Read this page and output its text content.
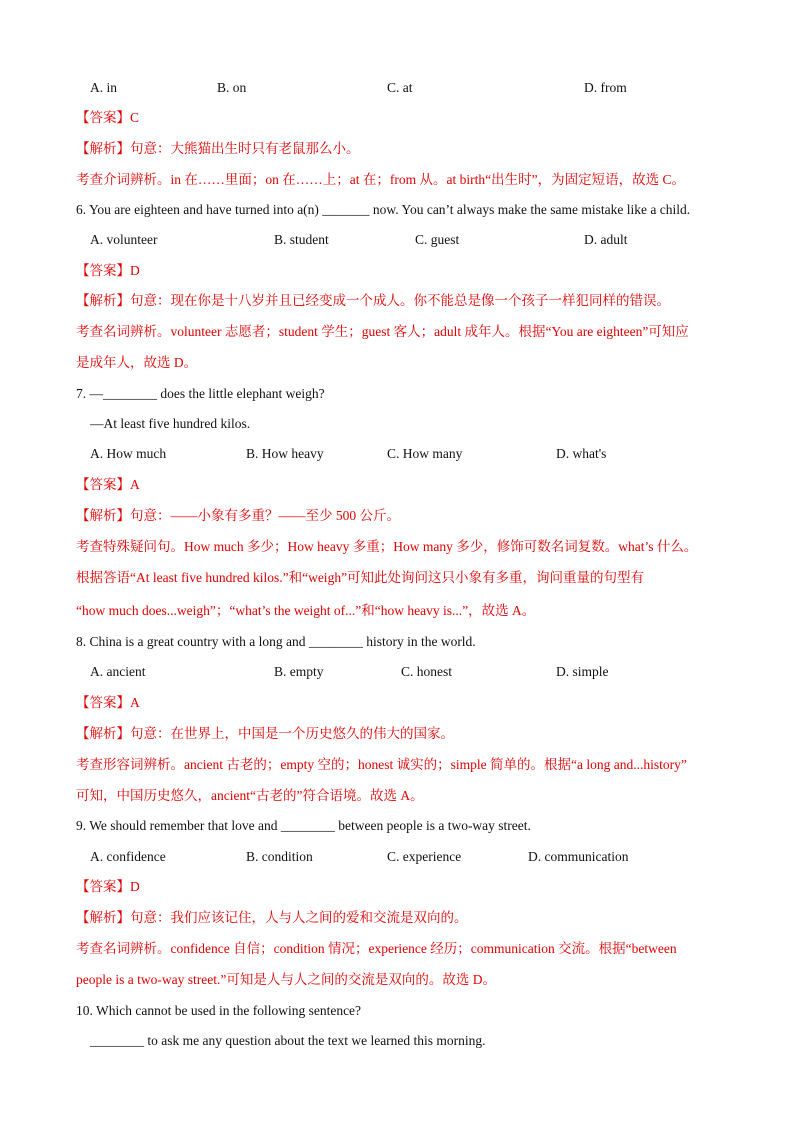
A. in	B. on	C. at	D. from
【答案】C
【解析】句意：大熊猫出生时只有老鼠那么小。
考查介词辨析。in 在……里面；on 在……上；at 在；from 从。at birth“出生时”，为固定短语，故选 C。
6. You are eighteen and have turned into a(n) _______ now. You can’t always make the same mistake like a child.
A. volunteer	B. student	C. guest	D. adult
【答案】D
【解析】句意：现在你是十八岁并且已经变成一个成人。你不能总是像一个孩子一样犯同样的错误。
考查名词辨析。volunteer 志愿者；student 学生；guest 客人；adult 成年人。根据“You are eighteen”可知应
是成年人，故选 D。
7. —________ does the little elephant weigh?
—At least five hundred kilos.
A. How much	B. How heavy	C. How many	D. what's
【答案】A
【解析】句意：——小象有多重？——至少 500 公斤。
考查特殊疑问句。How much 多少；How heavy 多重；How many 多少，修饰可数名词复数。what’s 什么。
根据答语“At least five hundred kilos.”和“weigh”可知此处询问这只小象有多重，询问重量的句型有
“how much does...weigh”；“what’s the weight of...”和“how heavy is...”，故选 A。
8. China is a great country with a long and ________ history in the world.
A. ancient	B. empty	C. honest	D. simple
【答案】A
【解析】句意：在世界上，中国是一个历史悠久的伟大的国家。
考查形容词辨析。ancient 古老的；empty 空的；honest 诚实的；simple 简单的。根据“a long and...history”
可知，中国历史悠久，ancient“古老的”符合语境。故选 A。
9. We should remember that love and ________ between people is a two-way street.
A. confidence	B. condition	C. experience	D. communication
【答案】D
【解析】句意：我们应该记住，人与人之间的爱和交流是双向的。
考查名词辨析。confidence 自信；condition 情况；experience 经历；communication 交流。根据“between
people is a two-way street.”可知是人与人之间的交流是双向的。故选 D。
10. Which cannot be used in the following sentence?
________ to ask me any question about the text we learned this morning.
